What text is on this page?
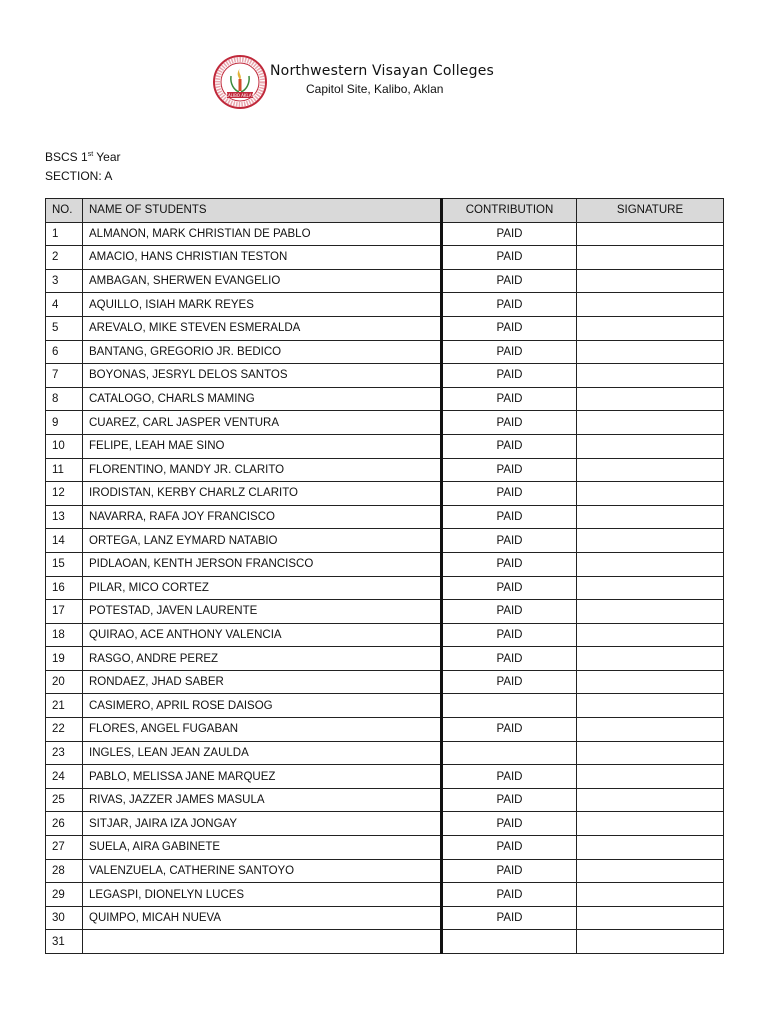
KALIBO AKLAN
Northwestern Visayan Colleges
Capitol Site, Kalibo, Aklan
BSCS 1st Year
SECTION: A
NO.	NAME OF STUDENTS	CONTRIBUTION	SIGNATURE
1	ALMANON, MARK CHRISTIAN DE PABLO	PAID	
2	AMACIO, HANS CHRISTIAN TESTON	PAID	
3	AMBAGAN, SHERWEN EVANGELIO	PAID	
4	AQUILLO, ISIAH MARK REYES	PAID	
5	AREVALO, MIKE STEVEN ESMERALDA	PAID	
6	BANTANG, GREGORIO JR. BEDICO	PAID	
7	BOYONAS, JESRYL DELOS SANTOS	PAID	
8	CATALOGO, CHARLS MAMING	PAID	
9	CUAREZ, CARL JASPER VENTURA	PAID	
10	FELIPE, LEAH MAE SINO	PAID	
11	FLORENTINO, MANDY JR. CLARITO	PAID	
12	IRODISTAN, KERBY CHARLZ CLARITO	PAID	
13	NAVARRA, RAFA JOY FRANCISCO	PAID	
14	ORTEGA, LANZ EYMARD NATABIO	PAID	
15	PIDLAOAN, KENTH JERSON FRANCISCO	PAID	
16	PILAR, MICO CORTEZ	PAID	
17	POTESTAD, JAVEN LAURENTE	PAID	
18	QUIRAO, ACE ANTHONY VALENCIA	PAID	
19	RASGO, ANDRE PEREZ	PAID	
20	RONDAEZ, JHAD SABER	PAID	
21	CASIMERO, APRIL ROSE DAISOG		
22	FLORES, ANGEL FUGABAN	PAID	
23	INGLES, LEAN JEAN ZAULDA		
24	PABLO, MELISSA JANE MARQUEZ	PAID	
25	RIVAS, JAZZER JAMES MASULA	PAID	
26	SITJAR, JAIRA IZA JONGAY	PAID	
27	SUELA, AIRA GABINETE	PAID	
28	VALENZUELA, CATHERINE SANTOYO	PAID	
29	LEGASPI, DIONELYN LUCES	PAID	
30	QUIMPO, MICAH NUEVA	PAID	
31			
